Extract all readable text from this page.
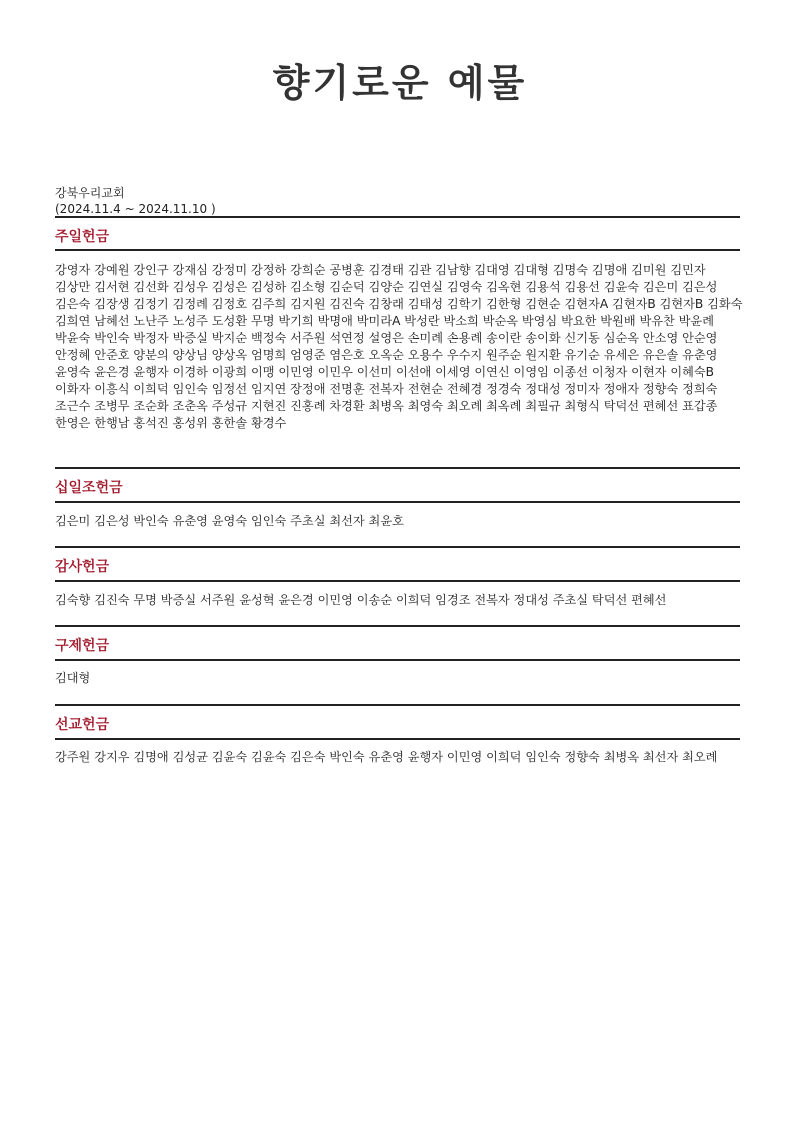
향기로운 예물
강북우리교회
(2024.11.4 ~ 2024.11.10 )
주일헌금
강영자 강예원 강인구 강재심 강정미 강정하 강희순 공병훈 김경태 김관 김남향 김대영 김대형 김명숙 김명애 김미원 김민자 김상만 김서현 김선화 김성우 김성은 김성하 김소형 김순덕 김양순 김연실 김영숙 김옥현 김용석 김용선 김윤숙 김은미 김은성 김은숙 김장생 김정기 김정례 김정호 김주희 김지원 김진숙 김창래 김태성 김학기 김한형 김현순 김현자A 김현자B 김현자B 김화숙 김희연 남혜선 노난주 노성주 도성환 무명 박기희 박명애 박미라A 박성란 박소희 박순옥 박영심 박요한 박원배 박유찬 박윤례 박윤숙 박인숙 박정자 박증실 박지순 백정숙 서주원 석연정 설영은 손미례 손용례 송이란 송이화 신기동 심순옥 안소영 안순영 안정혜 안준호 양분의 양상님 양상옥 엄명희 엄영준 염은호 오옥순 오용수 우수지 원주순 원지환 유기순 유세은 유은솔 유춘영 윤영숙 윤은경 윤행자 이경하 이광희 이맹 이민영 이민우 이선미 이선애 이세영 이연신 이영임 이종선 이청자 이현자 이혜숙B 이화자 이흥식 이희덕 임인숙 임정선 임지연 장정애 전명훈 전복자 전현순 전혜경 정경숙 정대성 정미자 정애자 정향숙 정희숙 조근수 조병무 조순화 조춘옥 주성규 지현진 진홍례 차경환 최병옥 최영숙 최오례 최옥례 최필규 최형식 탁덕선 편혜선 표갑종 한영은 한행남 홍석진 홍성위 홍한솔 황경수
십일조헌금
김은미 김은성 박인숙 유춘영 윤영숙 임인숙 주초실 최선자 최윤호
감사헌금
김숙향 김진숙 무명 박증실 서주원 윤성혁 윤은경 이민영 이송순 이희덕 임경조 전복자 정대성 주초실 탁덕선 편혜선
구제헌금
김대형
선교헌금
강주원 강지우 김명애 김성균 김윤숙 김윤숙 김은숙 박인숙 유춘영 윤행자 이민영 이희덕 임인숙 정향숙 최병옥 최선자 최오례
